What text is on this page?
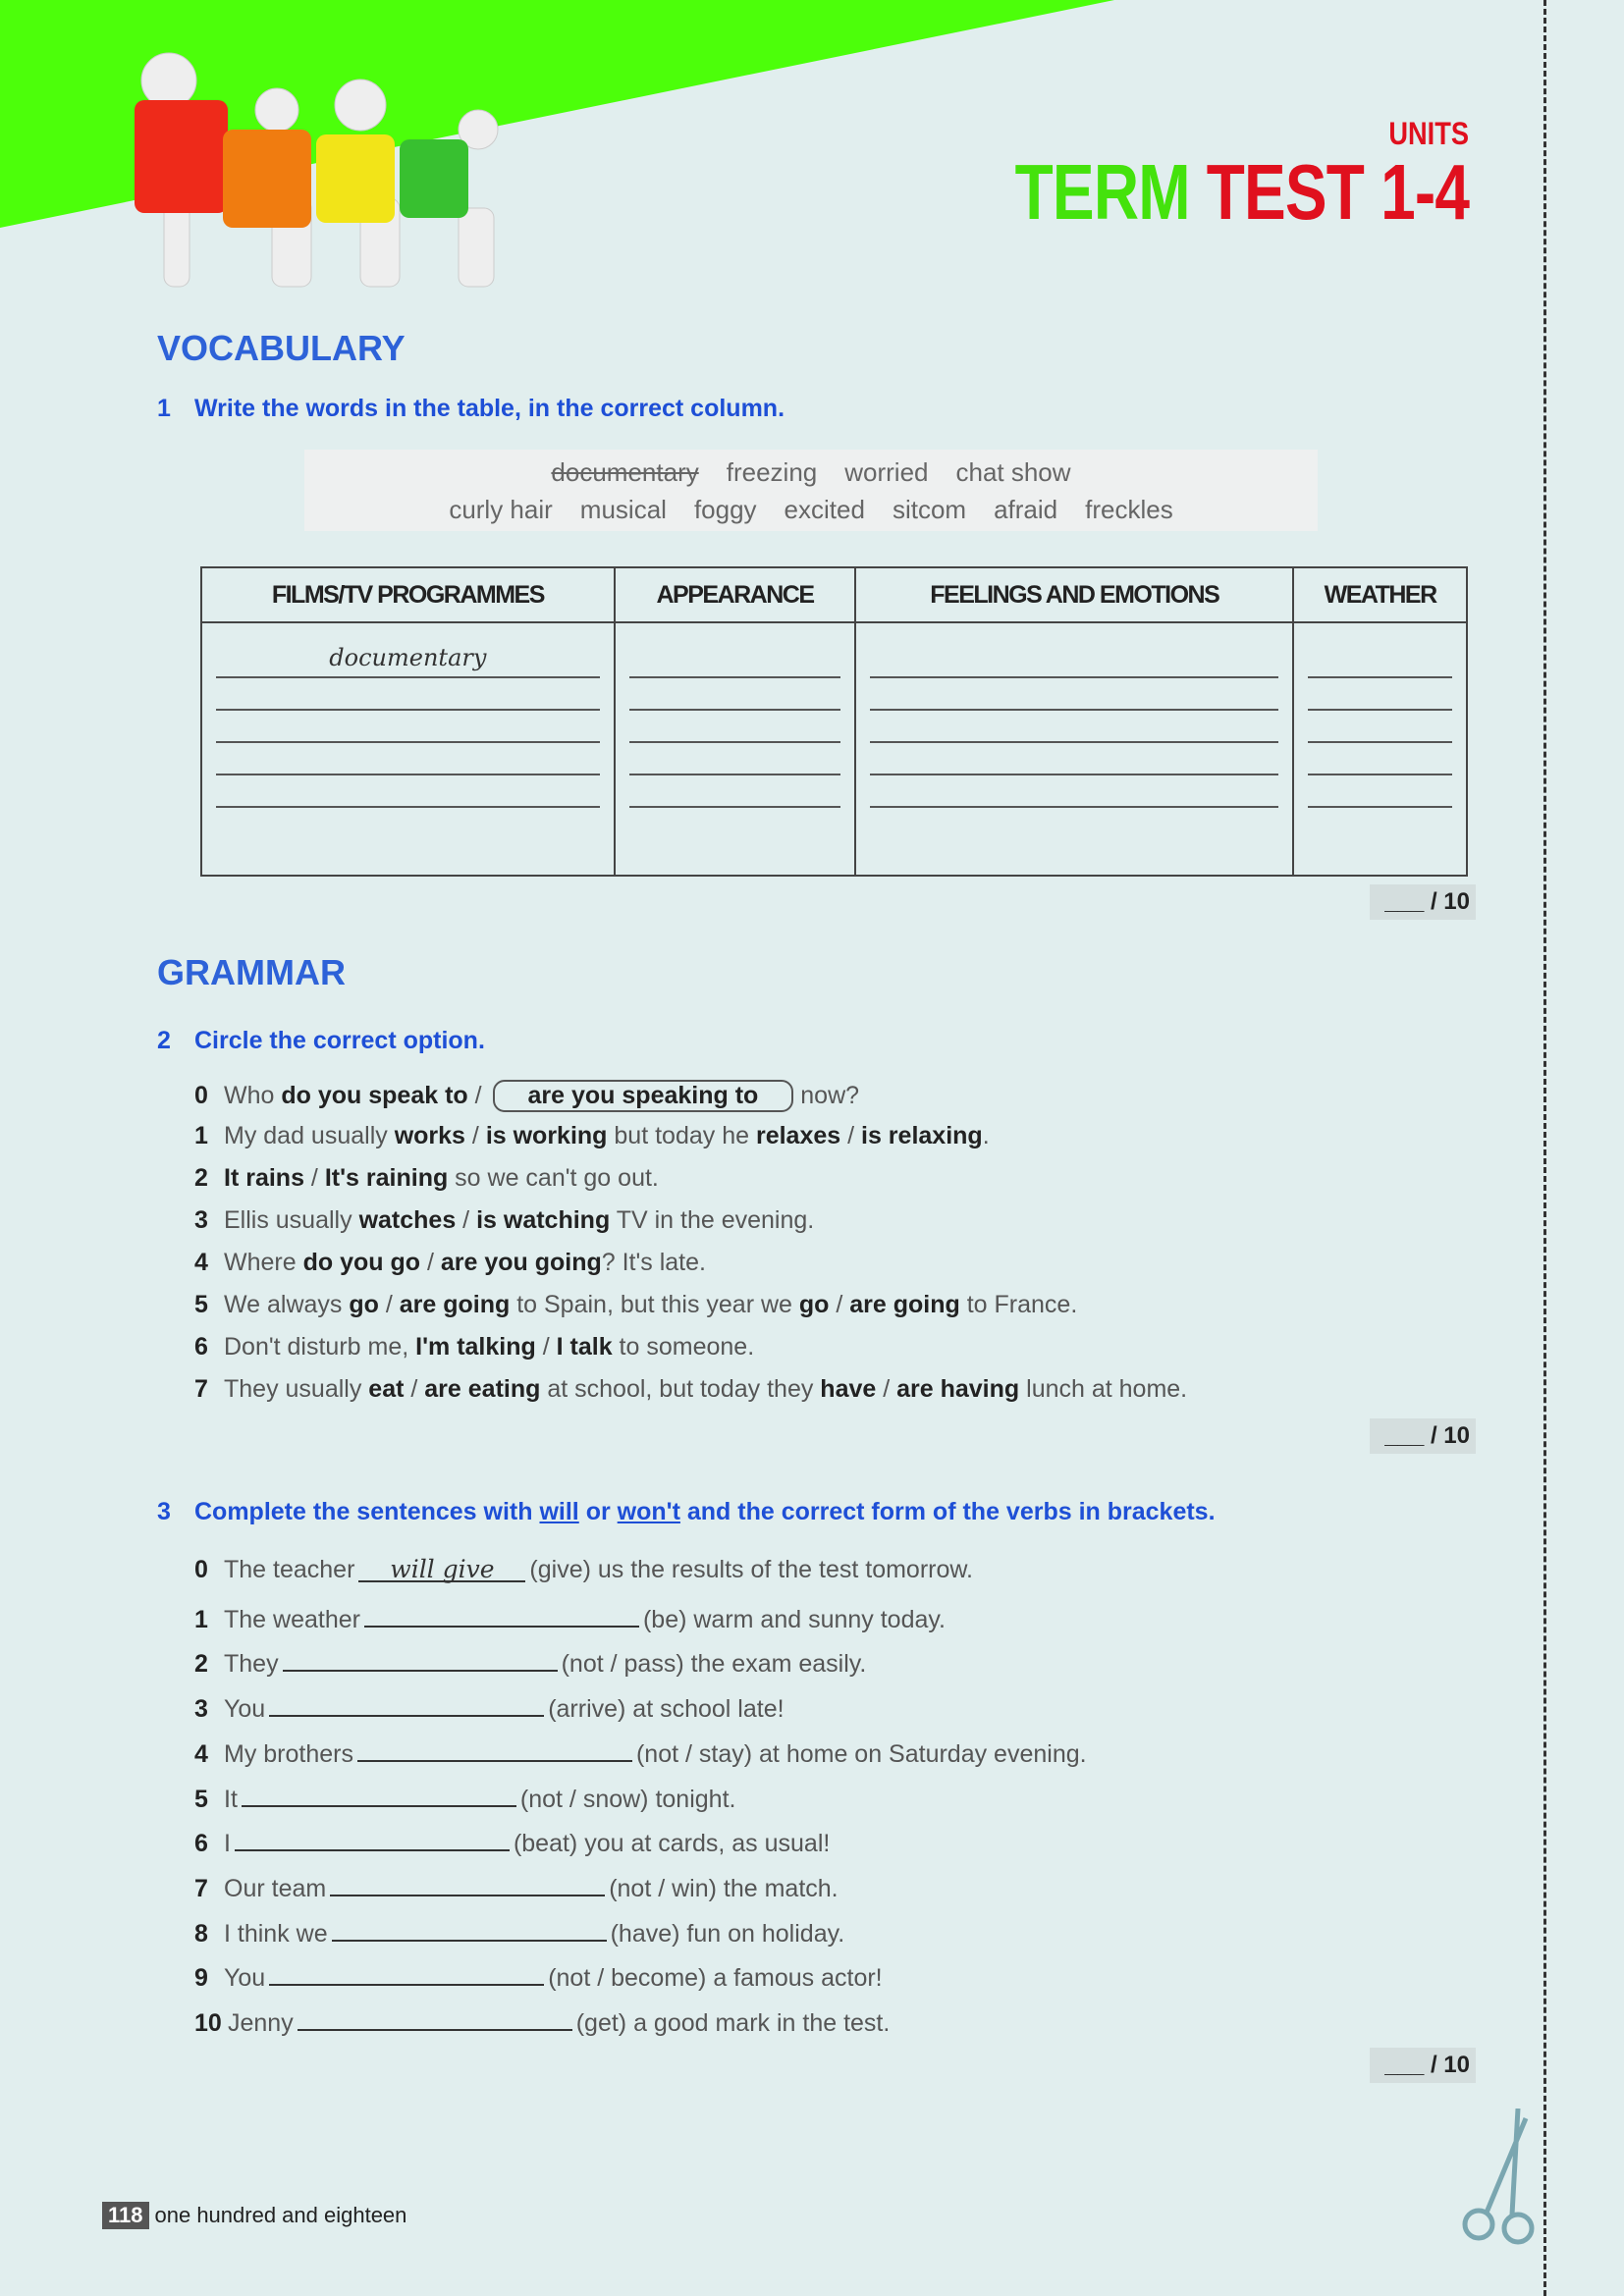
UNITS
TERM TEST 1-4
VOCABULARY
1 Write the words in the table, in the correct column.
documentary freezing worried chat show
curly hair musical foggy excited sitcom afraid freckles
FILMS/TV PROGRAMMES	APPEARANCE	FEELINGS AND EMOTIONS	WEATHER

documentary			

___ / 10
GRAMMAR
2 Circle the correct option.
0 Who do you speak to / are you speaking to now?
1 My dad usually works / is working but today he relaxes / is relaxing.
2 It rains / It's raining so we can't go out.
3 Ellis usually watches / is watching TV in the evening.
4 Where do you go / are you going? It's late.
5 We always go / are going to Spain, but this year we go / are going to France.
6 Don't disturb me, I'm talking / I talk to someone.
7 They usually eat / are eating at school, but today they have / are having lunch at home.
___ / 10
3 Complete the sentences with will or won't and the correct form of the verbs in brackets.
0 The teacher will give (give) us the results of the test tomorrow.
1 The weather	(be) warm and sunny today.
2 They	(not / pass) the exam easily.
3 You	(arrive) at school late!
4 My brothers	(not / stay) at home on Saturday evening.
5 It	(not / snow) tonight.
6 I	(beat) you at cards, as usual!
7 Our team	(not / win) the match.
8 I think we	(have) fun on holiday.
9 You	(not / become) a famous actor!
10 Jenny	(get) a good mark in the test.
___ / 10
118 one hundred and eighteen
